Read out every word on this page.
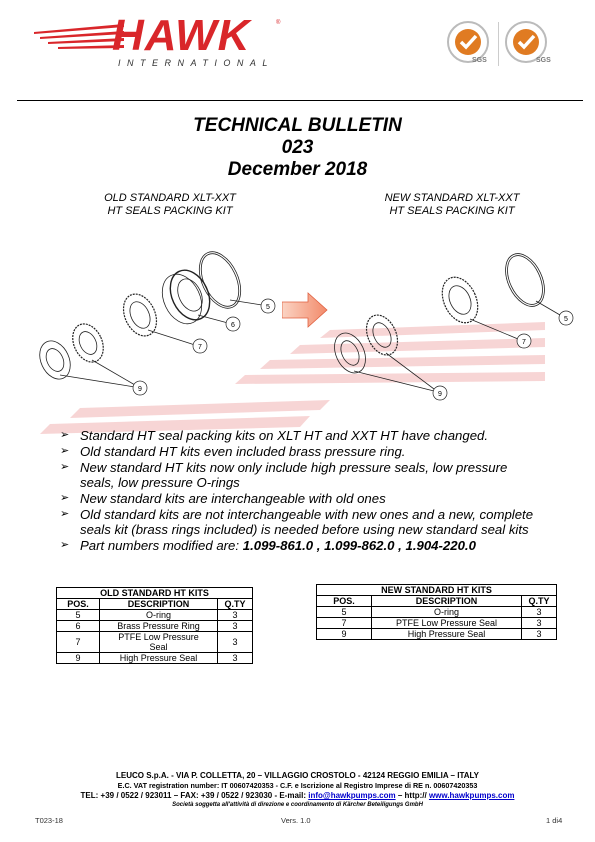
HAWK	®
INTERNATIONAL	SGS	SGS
TECHNICAL BULLETIN
023
December 2018
OLD STANDARD XLT-XXT
HT SEALS PACKING KIT
5
6
7
9
NEW STANDARD XLT-XXT
HT SEALS PACKING KIT
5
7
9
➢ Standard HT seal packing kits on XLT HT and XXT HT have changed.
➢ Old standard HT kits even included brass pressure ring.
➢ New standard HT kits now only include high pressure seals, low pressure seals, low pressure O-rings
➢ New standard kits are interchangeable with old ones
➢ Old standard kits are not interchangeable with new ones and a new, complete seals kit (brass rings included) is needed before using new standard seal kits
➢ Part numbers modified are: 1.099-861.0 , 1.099-862.0 , 1.904-220.0
OLD STANDARD HT KITS		
POS.	DESCRIPTION	Q.TY
5	O-ring	3
6	Brass Pressure Ring	3
7	PTFE Low Pressure Seal	3
9	High Pressure Seal	3
NEW STANDARD HT KITS		
POS.	DESCRIPTION	Q.TY
5	O-ring	3
7	PTFE Low Pressure Seal	3
9	High Pressure Seal	3
LEUCO S.p.A. - VIA P. COLLETTA, 20 – VILLAGGIO CROSTOLO - 42124 REGGIO EMILIA – ITALY
E.C. VAT registration number: IT 00607420353 - C.F. e Iscrizione al Registro Imprese di RE n. 00607420353
TEL: +39 / 0522 / 923011 – FAX: +39 / 0522 / 923030 - E-mail: info@hawkpumps.com – http:// www.hawkpumps.com
Società soggetta all'attività di direzione e coordinamento di Kärcher Beteiligungs GmbH
T023-18	Vers. 1.0	1 di4
